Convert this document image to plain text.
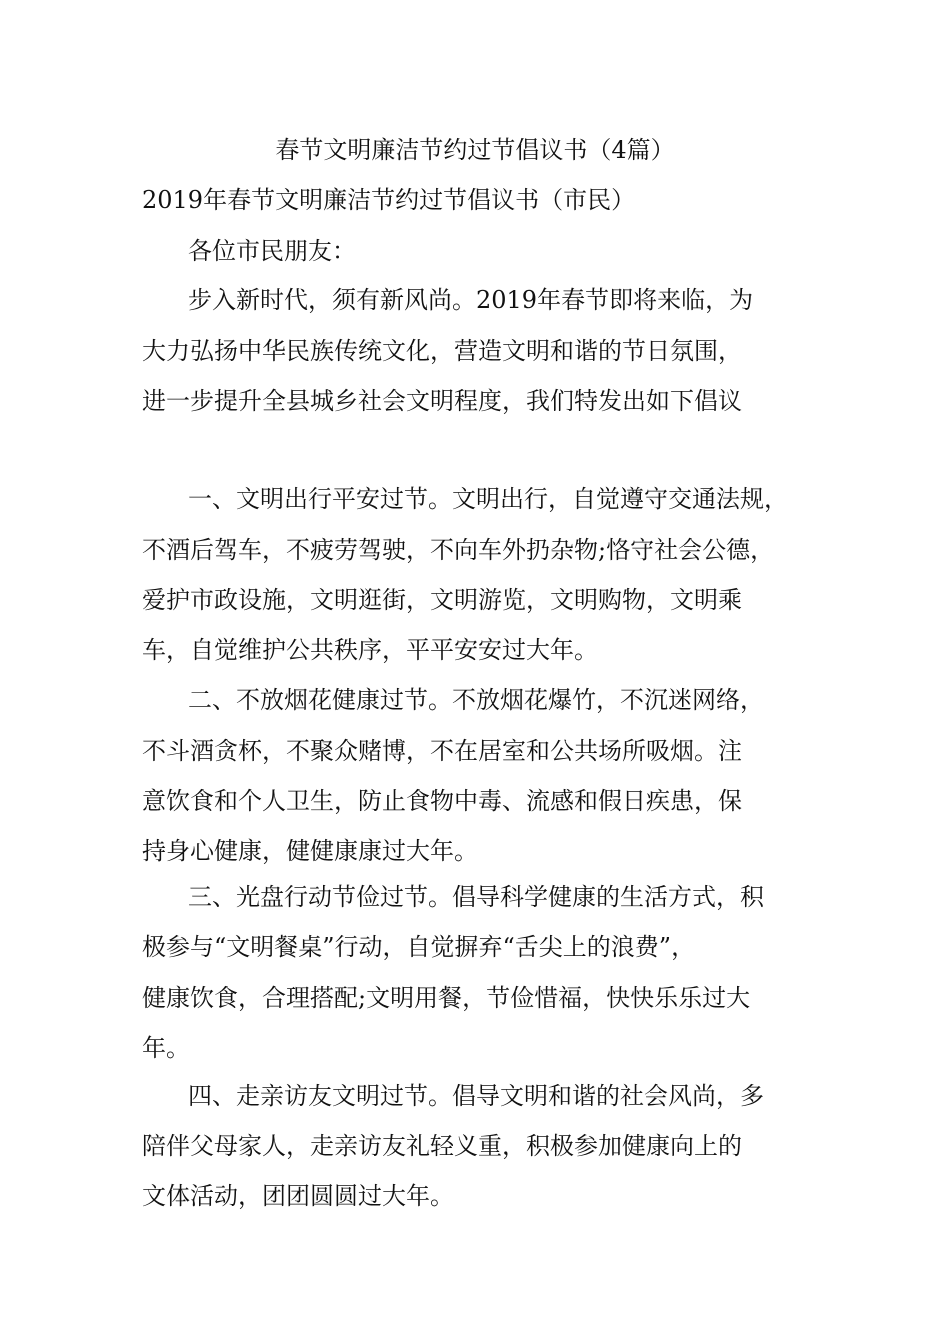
春节文明廉洁节约过节倡议书（4篇）
2019年春节文明廉洁节约过节倡议书（市民）
各位市民朋友：
步入新时代，须有新风尚。2019年春节即将来临，为
大力弘扬中华民族传统文化，营造文明和谐的节日氛围，
进一步提升全县城乡社会文明程度，我们特发出如下倡议
一、文明出行平安过节。文明出行，自觉遵守交通法规，
不酒后驾车，不疲劳驾驶，不向车外扔杂物;恪守社会公德，
爱护市政设施，文明逛街，文明游览，文明购物，文明乘
车，自觉维护公共秩序，平平安安过大年。
二、不放烟花健康过节。不放烟花爆竹，不沉迷网络，
不斗酒贪杯，不聚众赌博，不在居室和公共场所吸烟。注
意饮食和个人卫生，防止食物中毒、流感和假日疾患，保
持身心健康，健健康康过大年。
三、光盘行动节俭过节。倡导科学健康的生活方式，积
极参与“文明餐桌”行动，自觉摒弃“舌尖上的浪费”，
健康饮食，合理搭配;文明用餐，节俭惜福，快快乐乐过大
年。
四、走亲访友文明过节。倡导文明和谐的社会风尚，多
陪伴父母家人，走亲访友礼轻义重，积极参加健康向上的
文体活动，团团圆圆过大年。
